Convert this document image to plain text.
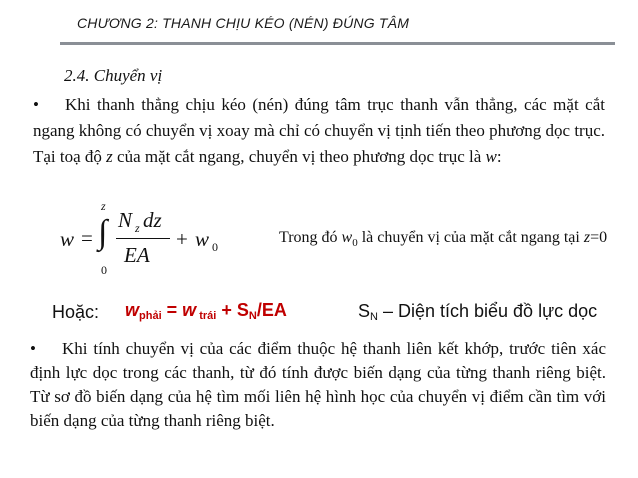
CHƯƠNG 2: THANH CHỊU KÉO (NÉN) ĐÚNG TÂM
2.4. Chuyển vị
• Khi thanh thẳng chịu kéo (nén) đúng tâm trục thanh vẫn thẳng, các mặt cắt ngang không có chuyển vị xoay mà chỉ có chuyển vị tịnh tiến theo phương dọc trục. Tại toạ độ z của mặt cắt ngang, chuyển vị theo phương dọc trục là w:
w = ∫
z
0
N z dz
EA
+ w 0
Trong đó $w_0$ là chuyển vị của mặt cắt ngang tại z=0
Hoặc: $w_{phải} = w$ $_{trái} + S_N/EA$	$S_N$ – Diện tích biểu đồ lực dọc
• Khi tính chuyển vị của các điểm thuộc hệ thanh liên kết khớp, trước tiên xác định lực dọc trong các thanh, từ đó tính được biến dạng của từng thanh riêng biệt. Từ sơ đồ biến dạng của hệ tìm mối liên hệ hình học của chuyển vị điểm cần tìm với biến dạng của từng thanh riêng biệt.
